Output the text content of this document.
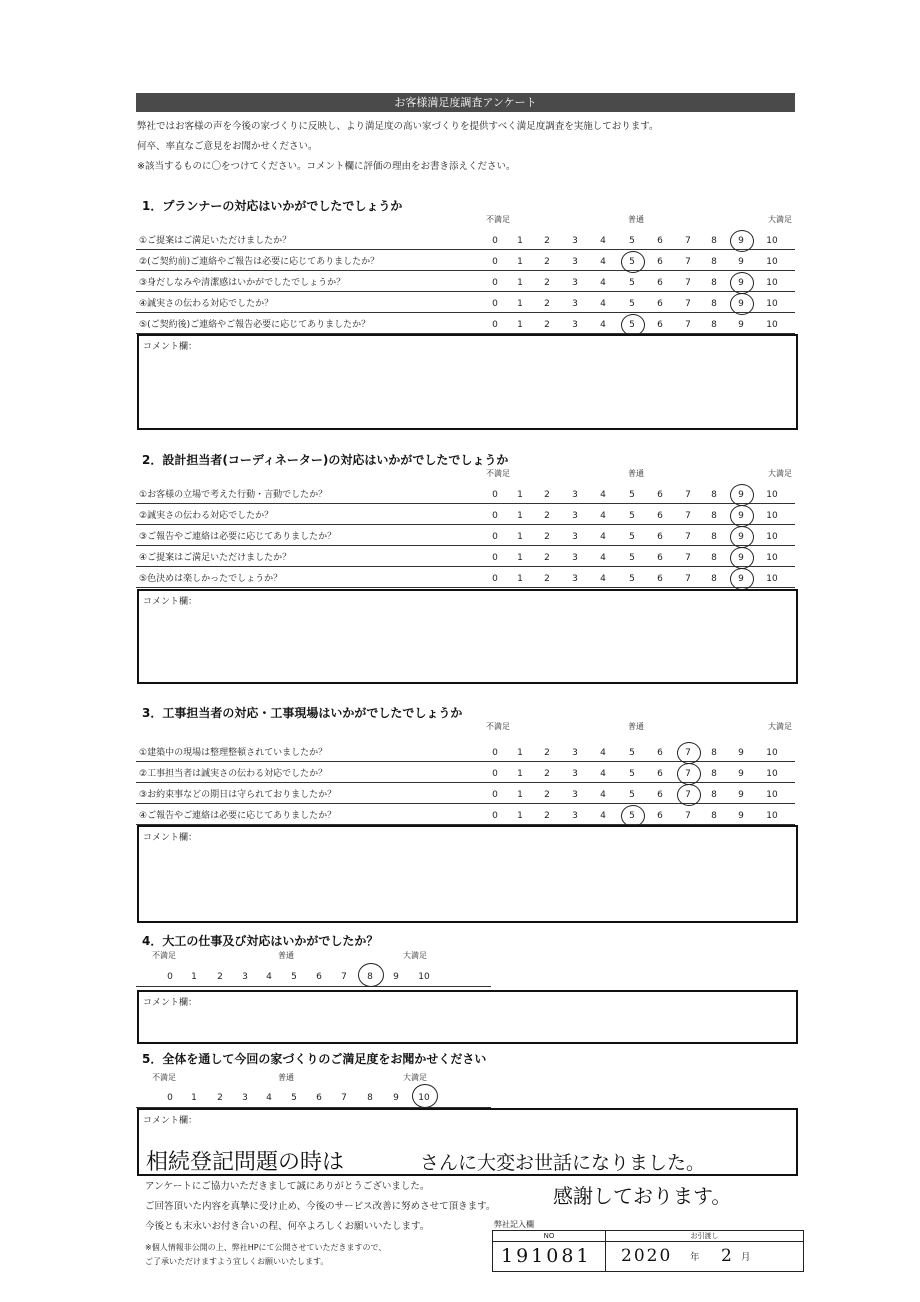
お客様満足度調査アンケート
弊社ではお客様の声を今後の家づくりに反映し、より満足度の高い家づくりを提供すべく満足度調査を実施しております。
何卒、率直なご意見をお聞かせください。
※該当するものに〇をつけてください。コメント欄に評価の理由をお書き添えください。
1．プランナーの対応はいかがでしたでしょうか
不満足	普通	大満足
①ご提案はご満足いただけましたか？	0	1	2	3	4	5	6	7	8	9	10
②(ご契約前)ご連絡やご報告は必要に応じてありましたか？	0	1	2	3	4	5	6	7	8	9	10
③身だしなみや清潔感はいかがでしたでしょうか？	0	1	2	3	4	5	6	7	8	9	10
④誠実さの伝わる対応でしたか？	0	1	2	3	4	5	6	7	8	9	10
⑤(ご契約後)ご連絡やご報告必要に応じてありましたか？	0	1	2	3	4	5	6	7	8	9	10
コメント欄：
2．設計担当者(コーディネーター)の対応はいかがでしたでしょうか
不満足	普通	大満足
①お客様の立場で考えた行動・言動でしたか？	0	1	2	3	4	5	6	7	8	9	10
②誠実さの伝わる対応でしたか？	0	1	2	3	4	5	6	7	8	9	10
③ご報告やご連絡は必要に応じてありましたか？	0	1	2	3	4	5	6	7	8	9	10
④ご提案はご満足いただけましたか？	0	1	2	3	4	5	6	7	8	9	10
⑤色決めは楽しかったでしょうか？	0	1	2	3	4	5	6	7	8	9	10
コメント欄：
3．工事担当者の対応・工事現場はいかがでしたでしょうか
不満足	普通	大満足
①建築中の現場は整理整頓されていましたか？	0	1	2	3	4	5	6	7	8	9	10
②工事担当者は誠実さの伝わる対応でしたか？	0	1	2	3	4	5	6	7	8	9	10
③お約束事などの期日は守られておりましたか？	0	1	2	3	4	5	6	7	8	9	10
④ご報告やご連絡は必要に応じてありましたか？	0	1	2	3	4	5	6	7	8	9	10
コメント欄：
4．大工の仕事及び対応はいかがでしたか？
不満足	普通	大満足
0	1	2	3	4	5	6	7	8	9	10
コメント欄：
5．全体を通して今回の家づくりのご満足度をお聞かせください
不満足	普通	大満足
0	1	2	3	4	5	6	7	8	9	10
コメント欄：
相続登記問題の時は	さんに大変お世話になりました。
感謝しております。
アンケートにご協力いただきまして誠にありがとうございました。
ご回答頂いた内容を真摯に受け止め、今後のサービス改善に努めさせて頂きます。
今後とも末永いお付き合いの程、何卒よろしくお願いいたします。
※個人情報非公開の上、弊社HPにて公開させていただきますので、
ご了承いただけますよう宜しくお願いいたします。
弊社記入欄
NO	お引渡し
191081 2020 年 2 月
